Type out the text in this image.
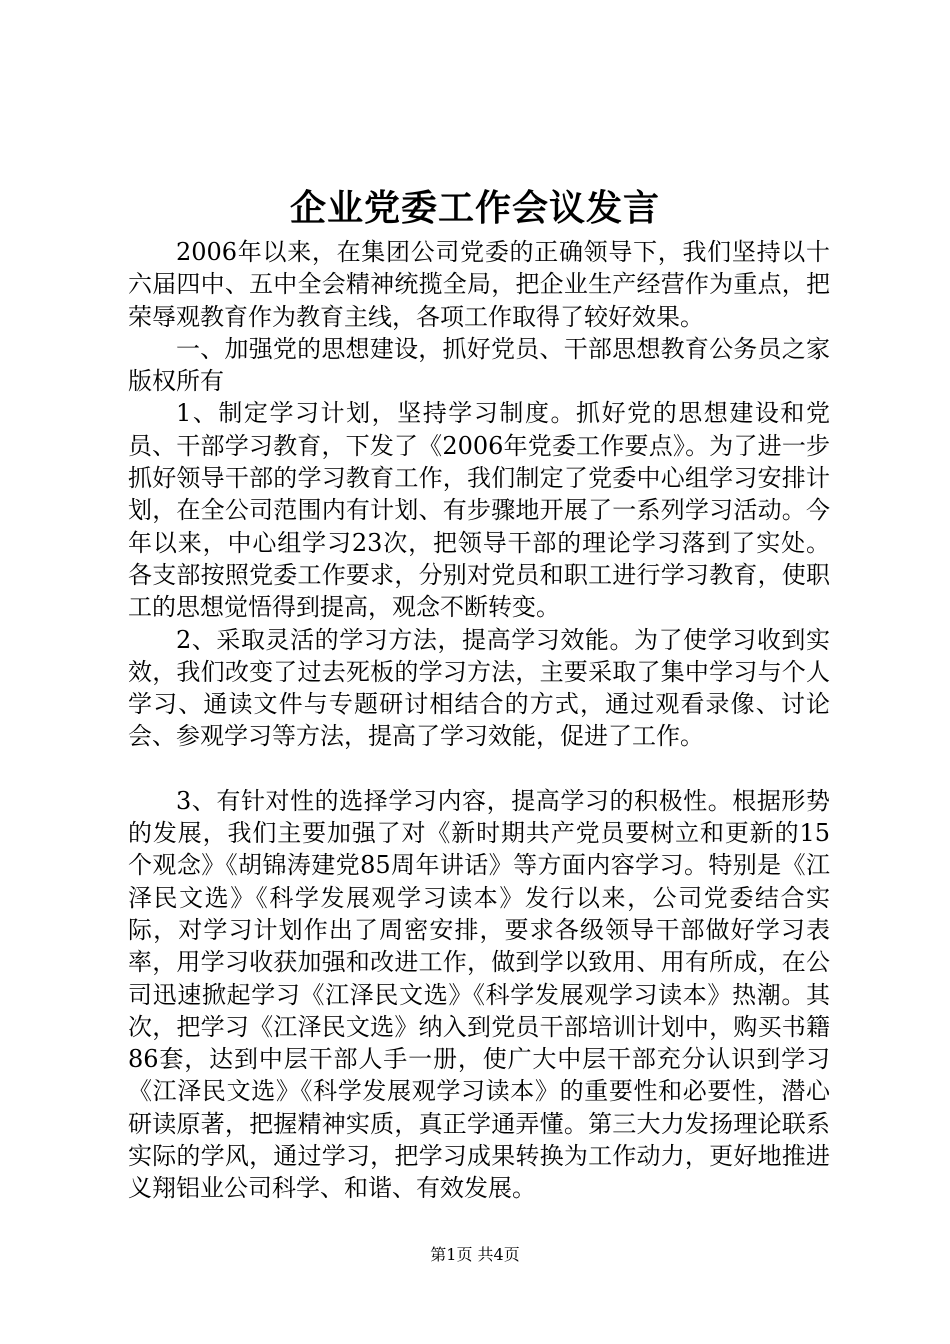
企业党委工作会议发言

2006年以来，在集团公司党委的正确领导下，我们坚持以十六届四中、五中全会精神统揽全局，把企业生产经营作为重点，把荣辱观教育作为教育主线，各项工作取得了较好效果。

一、加强党的思想建设，抓好党员、干部思想教育公务员之家版权所有

1、制定学习计划，坚持学习制度。抓好党的思想建设和党员、干部学习教育，下发了《2006年党委工作要点》。为了进一步抓好领导干部的学习教育工作，我们制定了党委中心组学习安排计划，在全公司范围内有计划、有步骤地开展了一系列学习活动。今年以来，中心组学习23次，把领导干部的理论学习落到了实处。各支部按照党委工作要求，分别对党员和职工进行学习教育，使职工的思想觉悟得到提高，观念不断转变。

2、采取灵活的学习方法，提高学习效能。为了使学习收到实效，我们改变了过去死板的学习方法，主要采取了集中学习与个人学习、通读文件与专题研讨相结合的方式，通过观看录像、讨论会、参观学习等方法，提高了学习效能，促进了工作。

3、有针对性的选择学习内容，提高学习的积极性。根据形势的发展，我们主要加强了对《新时期共产党员要树立和更新的15个观念》《胡锦涛建党85周年讲话》等方面内容学习。特别是《江泽民文选》《科学发展观学习读本》发行以来，公司党委结合实际，对学习计划作出了周密安排，要求各级领导干部做好学习表率，用学习收获加强和改进工作，做到学以致用、用有所成，在公司迅速掀起学习《江泽民文选》《科学发展观学习读本》热潮。其次，把学习《江泽民文选》纳入到党员干部培训计划中，购买书籍86套，达到中层干部人手一册，使广大中层干部充分认识到学习《江泽民文选》《科学发展观学习读本》的重要性和必要性，潜心研读原著，把握精神实质，真正学通弄懂。第三大力发扬理论联系实际的学风，通过学习，把学习成果转换为工作动力，更好地推进义翔铝业公司科学、和谐、有效发展。

第1页 共4页
